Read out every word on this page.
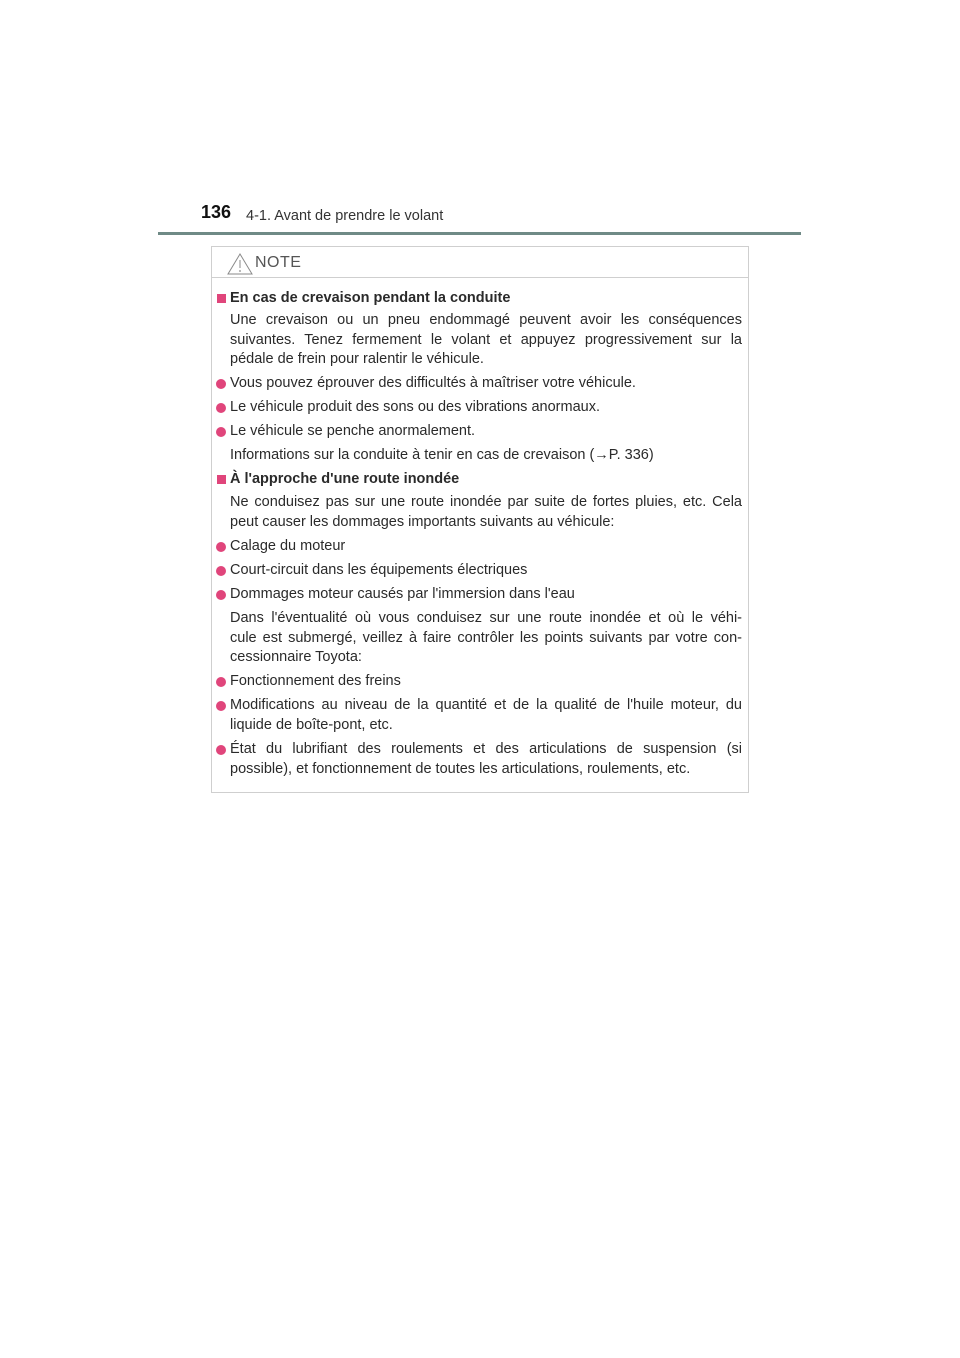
136 4-1. Avant de prendre le volant
NOTE
En cas de crevaison pendant la conduite
Une crevaison ou un pneu endommagé peuvent avoir les conséquences
suivantes. Tenez fermement le volant et appuyez progressivement sur la
pédale de frein pour ralentir le véhicule.
Vous pouvez éprouver des difficultés à maîtriser votre véhicule.
Le véhicule produit des sons ou des vibrations anormaux.
Le véhicule se penche anormalement.
Informations sur la conduite à tenir en cas de crevaison (→P. 336)
À l'approche d'une route inondée
Ne conduisez pas sur une route inondée par suite de fortes pluies, etc. Cela
peut causer les dommages importants suivants au véhicule:
Calage du moteur
Court-circuit dans les équipements électriques
Dommages moteur causés par l'immersion dans l'eau
Dans l'éventualité où vous conduisez sur une route inondée et où le véhi-
cule est submergé, veillez à faire contrôler les points suivants par votre con-
cessionnaire Toyota:
Fonctionnement des freins
Modifications au niveau de la quantité et de la qualité de l'huile moteur, du
liquide de boîte-pont, etc.
État du lubrifiant des roulements et des articulations de suspension (si
possible), et fonctionnement de toutes les articulations, roulements, etc.
